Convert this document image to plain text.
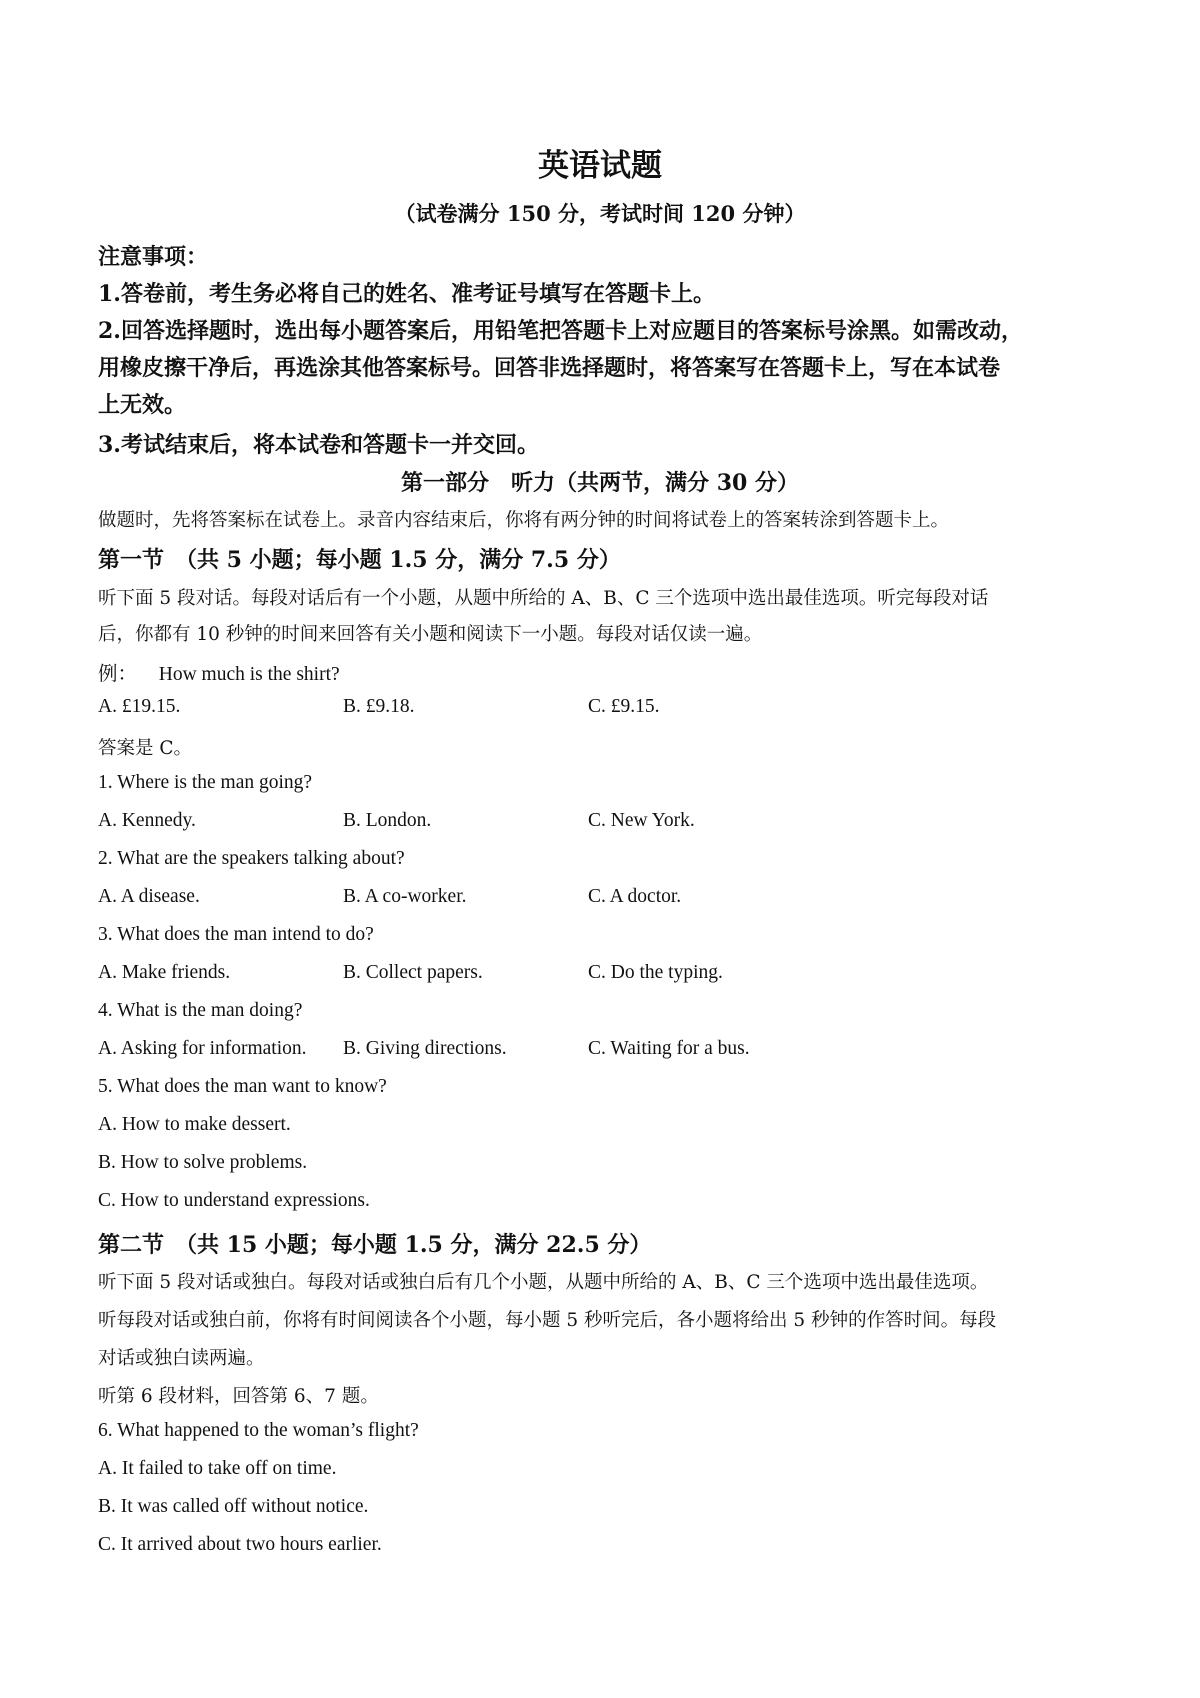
英语试题
（试卷满分 150 分，考试时间 120 分钟）
注意事项：
1.答卷前，考生务必将自己的姓名、准考证号填写在答题卡上。
2.回答选择题时，选出每小题答案后，用铅笔把答题卡上对应题目的答案标号涂黑。如需改动，
用橡皮擦干净后，再选涂其他答案标号。回答非选择题时，将答案写在答题卡上，写在本试卷
上无效。
3.考试结束后，将本试卷和答题卡一并交回。
第一部分　听力（共两节，满分 30 分）
做题时，先将答案标在试卷上。录音内容结束后，你将有两分钟的时间将试卷上的答案转涂到答题卡上。
第一节　（共 5 小题；每小题 1.5 分，满分 7.5 分）
听下面 5 段对话。每段对话后有一个小题，从题中所给的 A、B、C 三个选项中选出最佳选项。听完每段对话
后，你都有 10 秒钟的时间来回答有关小题和阅读下一小题。每段对话仅读一遍。
例： How much is the shirt?
A. £19.15.	B. £9.18.	C. £9.15.
答案是 C。
1. Where is the man going?
A. Kennedy.	B. London.	C. New York.
2. What are the speakers talking about?
A. A disease.	B. A co-worker.	C. A doctor.
3. What does the man intend to do?
A. Make friends.	B. Collect papers.	C. Do the typing.
4. What is the man doing?
A. Asking for information. B. Giving directions.	C. Waiting for a bus.
5. What does the man want to know?
A. How to make dessert.
B. How to solve problems.
C. How to understand expressions.
第二节　（共 15 小题；每小题 1.5 分，满分 22.5 分）
听下面 5 段对话或独白。每段对话或独白后有几个小题，从题中所给的 A、B、C 三个选项中选出最佳选项。
听每段对话或独白前，你将有时间阅读各个小题，每小题 5 秒听完后，各小题将给出 5 秒钟的作答时间。每段
对话或独白读两遍。
听第 6 段材料，回答第 6、7 题。
6. What happened to the woman’s flight?
A. It failed to take off on time.
B. It was called off without notice.
C. It arrived about two hours earlier.
